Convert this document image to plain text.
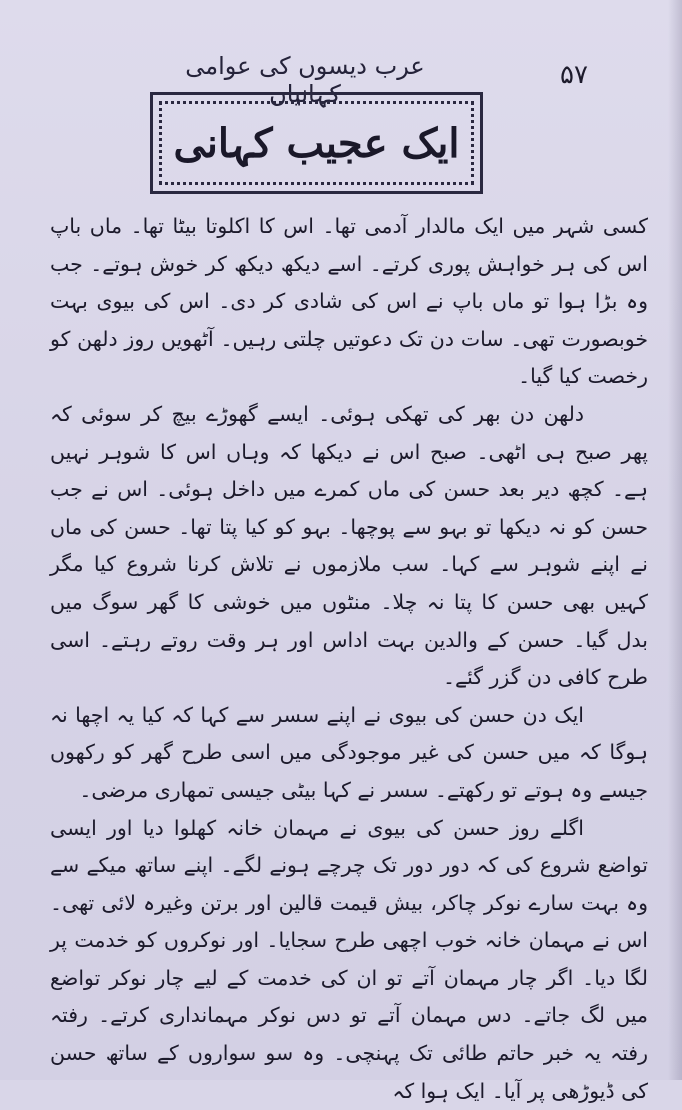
۵۷
عرب دیسوں کی عوامی کہانیاں
ایک عجیب کہانی

کسی شہر میں ایک مالدار آدمی تھا۔ اس کا اکلوتا بیٹا تھا۔ ماں باپ اس کی ہر خواہش پوری کرتے۔ اسے دیکھ دیکھ کر خوش ہوتے۔ جب وہ بڑا ہوا تو ماں باپ نے اس کی شادی کر دی۔ اس کی بیوی بہت خوبصورت تھی۔ سات دن تک دعوتیں چلتی رہیں۔ آٹھویں روز دلھن کو رخصت کیا گیا۔

دلھن دن بھر کی تھکی ہوئی۔ ایسے گھوڑے بیچ کر سوئی کہ پھر صبح ہی اٹھی۔ صبح اس نے دیکھا کہ وہاں اس کا شوہر نہیں ہے۔ کچھ دیر بعد حسن کی ماں کمرے میں داخل ہوئی۔ اس نے جب حسن کو نہ دیکھا تو بہو سے پوچھا۔ بہو کو کیا پتا تھا۔ حسن کی ماں نے اپنے شوہر سے کہا۔ سب ملازموں نے تلاش کرنا شروع کیا مگر کہیں بھی حسن کا پتا نہ چلا۔ منٹوں میں خوشی کا گھر سوگ میں بدل گیا۔ حسن کے والدین بہت اداس اور ہر وقت روتے رہتے۔ اسی طرح کافی دن گزر گئے۔

ایک دن حسن کی بیوی نے اپنے سسر سے کہا کہ کیا یہ اچھا نہ ہوگا کہ میں حسن کی غیر موجودگی میں اسی طرح گھر کو رکھوں جیسے وہ ہوتے تو رکھتے۔ سسر نے کہا بیٹی جیسی تمھاری مرضی۔

اگلے روز حسن کی بیوی نے مہمان خانہ کھلوا دیا اور ایسی تواضع شروع کی کہ دور دور تک چرچے ہونے لگے۔ اپنے ساتھ میکے سے وہ بہت سارے نوکر چاکر، بیش قیمت قالین اور برتن وغیرہ لائی تھی۔ اس نے مہمان خانہ خوب اچھی طرح سجایا۔ اور نوکروں کو خدمت پر لگا دیا۔ اگر چار مہمان آتے تو ان کی خدمت کے لیے چار نوکر تواضع میں لگ جاتے۔ دس مہمان آتے تو دس نوکر مہمانداری کرتے۔ رفتہ رفتہ یہ خبر حاتم طائی تک پہنچی۔ وہ سو سواروں کے ساتھ حسن کی ڈیوڑھی پر آیا۔ ایک ہوا کہ
